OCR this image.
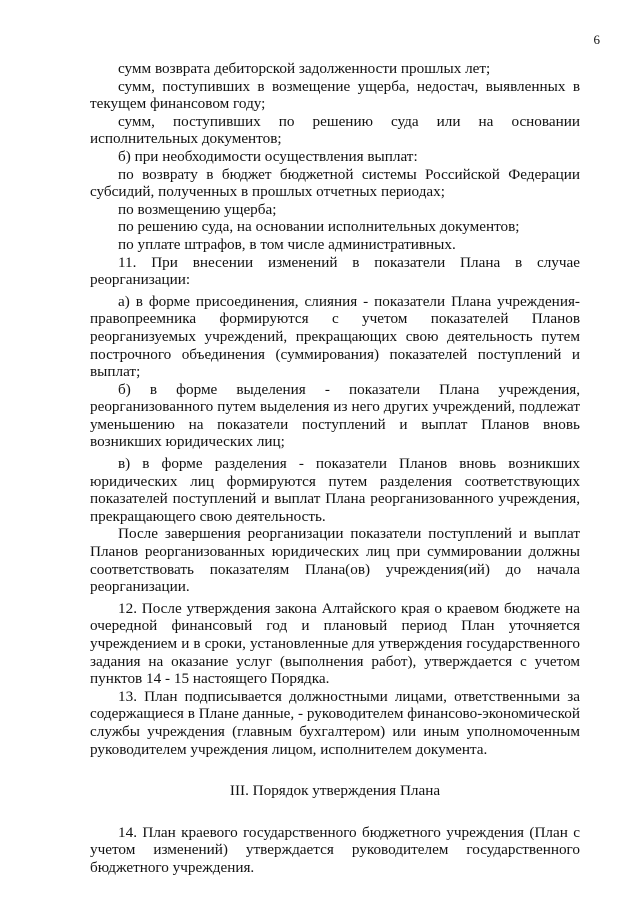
6

сумм возврата дебиторской задолженности прошлых лет;

сумм, поступивших в возмещение ущерба, недостач, выявленных в текущем финансовом году;

сумм, поступивших по решению суда или на основании исполнительных документов;

б) при необходимости осуществления выплат:

по возврату в бюджет бюджетной системы Российской Федерации субсидий, полученных в прошлых отчетных периодах;

по возмещению ущерба;

по решению суда, на основании исполнительных документов;

по уплате штрафов, в том числе административных.

11. При внесении изменений в показатели Плана в случае реорганизации:

а) в форме присоединения, слияния - показатели Плана учреждения-правопреемника формируются с учетом показателей Планов реорганизуемых учреждений, прекращающих свою деятельность путем построчного объединения (суммирования) показателей поступлений и выплат;

б) в форме выделения - показатели Плана учреждения, реорганизованного путем выделения из него других учреждений, подлежат уменьшению на показатели поступлений и выплат Планов вновь возникших юридических лиц;

в) в форме разделения - показатели Планов вновь возникших юридических лиц формируются путем разделения соответствующих показателей поступлений и выплат Плана реорганизованного учреждения, прекращающего свою деятельность.

После завершения реорганизации показатели поступлений и выплат Планов реорганизованных юридических лиц при суммировании должны соответствовать показателям Плана(ов) учреждения(ий) до начала реорганизации.

12. После утверждения закона Алтайского края о краевом бюджете на очередной финансовый год и плановый период План уточняется учреждением и в сроки, установленные для утверждения государственного задания на оказание услуг (выполнения работ), утверждается с учетом пунктов 14 - 15 настоящего Порядка.

13. План подписывается должностными лицами, ответственными за содержащиеся в Плане данные, - руководителем финансово-экономической службы учреждения (главным бухгалтером) или иным уполномоченным руководителем учреждения лицом, исполнителем документа.

III. Порядок утверждения Плана

14. План краевого государственного бюджетного учреждения (План с учетом изменений) утверждается руководителем государственного бюджетного учреждения.
